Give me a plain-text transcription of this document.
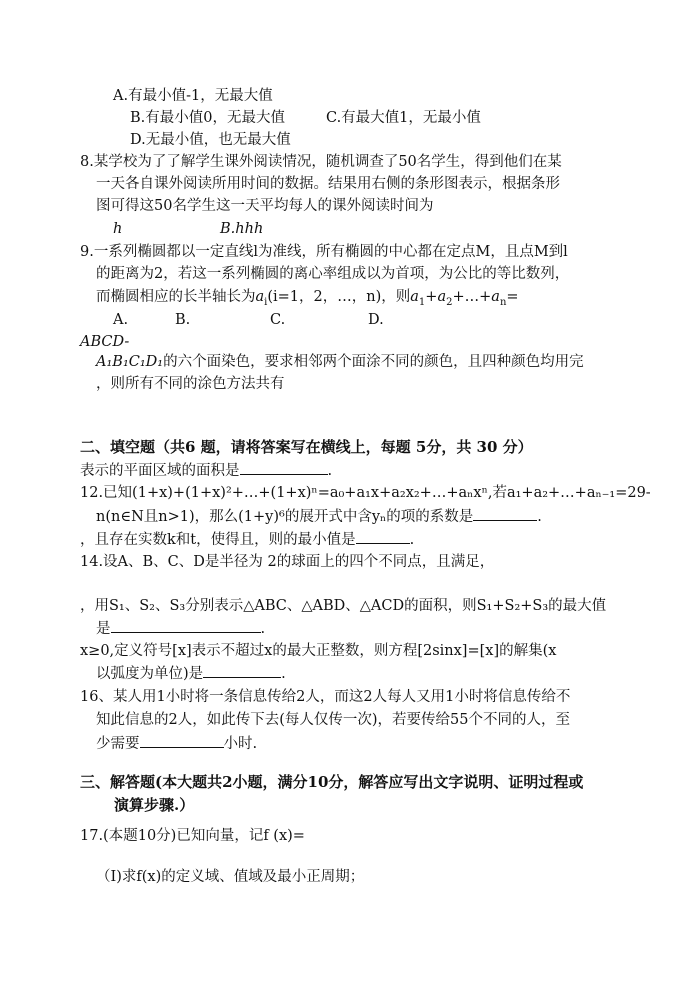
A.有最小值-1，无最大值
B.有最小值0，无最大值	C.有最大值1，无最小值
D.无最小值，也无最大值
8.某学校为了了解学生课外阅读情况，随机调查了50名学生，得到他们在某
一天各自课外阅读所用时间的数据。结果用右侧的条形图表示，根据条形
图可得这50名学生这一天平均每人的课外阅读时间为
h	B.hhh
9.一系列椭圆都以一定直线l为准线，所有椭圆的中心都在定点M，且点M到l
的距离为2，若这一系列椭圆的离心率组成以为首项，为公比的等比数列，
而椭圆相应的长半轴长为$a_i(i=1$，2，…，n)，则$a_1+a_2+\dots+a_n=$
A.	B.	C.	D.
ABCD-
A₁B₁C₁D₁的六个面染色，要求相邻两个面涂不同的颜色，且四种颜色均用完
，则所有不同的涂色方法共有
二、填空题（共6 题，请将答案写在横线上，每题 5分，共 30 分）
表示的平面区域的面积是	.
12.已知(1+x)+(1+x)²+…+(1+x)ⁿ=a₀+a₁x+a₂x₂+…+aₙxⁿ,若a₁+a₂+…+aₙ₋₁=29-
n(n∈N且n>1)，那么(1+y)⁶的展开式中含yₙ的项的系数是	.
，且存在实数k和t，使得且，则的最小值是	.
14.设A、B、C、D是半径为 2的球面上的四个不同点，且满足，
，用S₁、S₂、S₃分别表示△ABC、△ABD、△ACD的面积，则S₁+S₂+S₃的最大值
是	.
x≥0,定义符号[x]表示不超过x的最大正整数，则方程[2sinx]=[x]的解集(x
以弧度为单位)是	.
16、某人用1小时将一条信息传给2人，而这2人每人又用1小时将信息传给不
知此信息的2人，如此传下去(每人仅传一次)，若要传给55个不同的人，至
少需要	小时.
三、解答题(本大题共2小题，满分10分，解答应写出文字说明、证明过程或
演算步骤.）
17.(本题10分)已知向量，记f (x)=
（Ⅰ)求f(x)的定义域、值域及最小正周期；
